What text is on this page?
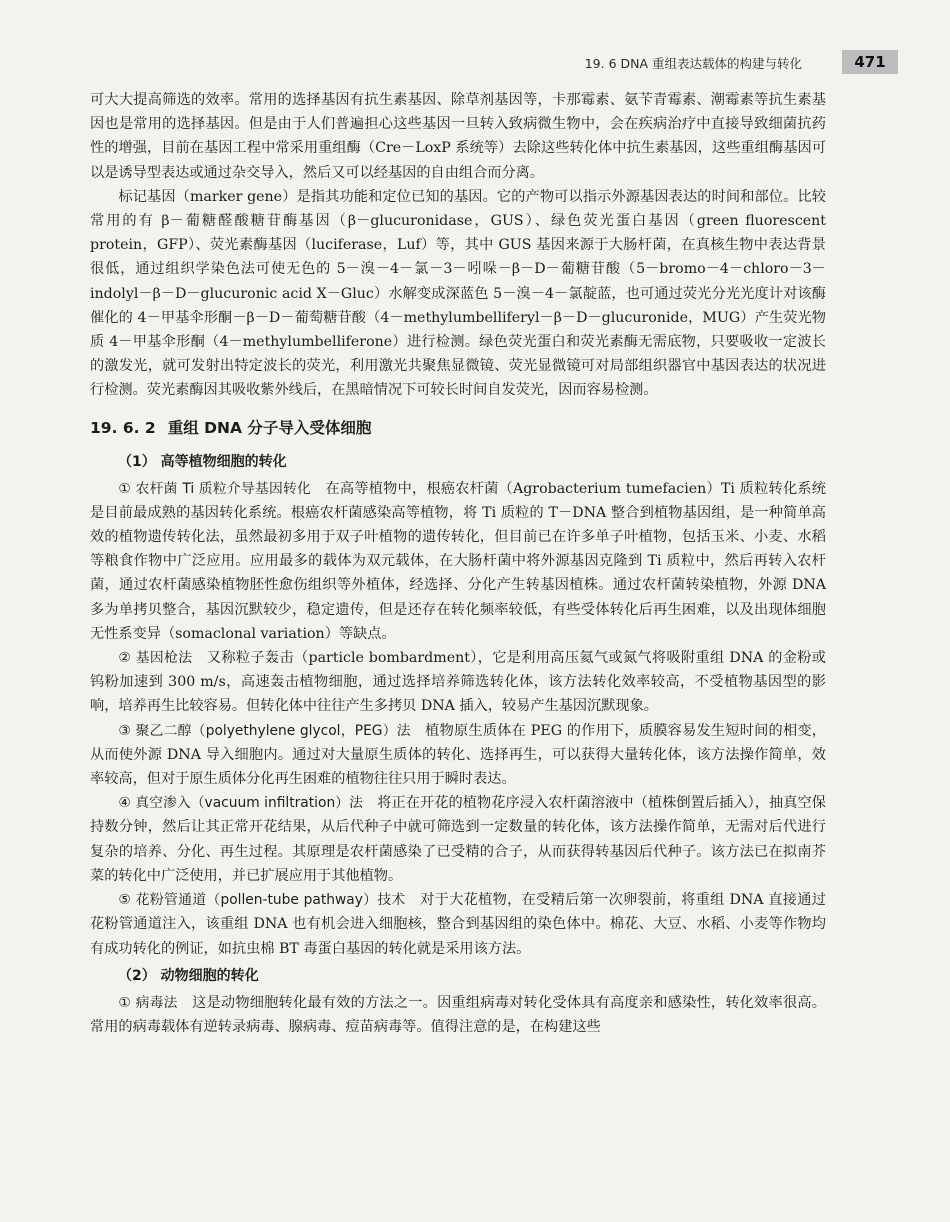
19. 6 DNA 重组表达载体的构建与转化	471

可大大提高筛选的效率。常用的选择基因有抗生素基因、除草剂基因等，卡那霉素、氨苄青霉素、潮霉素等抗生素基因也是常用的选择基因。但是由于人们普遍担心这些基因一旦转入致病微生物中，会在疾病治疗中直接导致细菌抗药性的增强，目前在基因工程中常采用重组酶（Cre－LoxP 系统等）去除这些转化体中抗生素基因，这些重组酶基因可以是诱导型表达或通过杂交导入，然后又可以经基因的自由组合而分离。

标记基因（marker gene）是指其功能和定位已知的基因。它的产物可以指示外源基因表达的时间和部位。比较常用的有 β－葡糖醛酸糖苷酶基因（β－glucuronidase，GUS）、绿色荧光蛋白基因（green fluorescent protein，GFP）、荧光素酶基因（luciferase，Luf）等，其中 GUS 基因来源于大肠杆菌，在真核生物中表达背景很低，通过组织学染色法可使无色的 5－溴－4－氯－3－吲哚－β－D－葡糖苷酸（5－bromo－4－chloro－3－indolyl－β－D－glucuronic acid X－Gluc）水解变成深蓝色 5－溴－4－氯靛蓝，也可通过荧光分光光度计对该酶催化的 4－甲基伞形酮－β－D－葡萄糖苷酸（4－methylumbelliferyl－β－D－glucuronide，MUG）产生荧光物质 4－甲基伞形酮（4－methylumbelliferone）进行检测。绿色荧光蛋白和荧光素酶无需底物，只要吸收一定波长的激发光，就可发射出特定波长的荧光，利用激光共聚焦显微镜、荧光显微镜可对局部组织器官中基因表达的状况进行检测。荧光素酶因其吸收紫外线后，在黑暗情况下可较长时间自发荧光，因而容易检测。

19. 6. 2 重组 DNA 分子导入受体细胞
（1） 高等植物细胞的转化

① 农杆菌 Ti 质粒介导基因转化　 在高等植物中，根癌农杆菌（Agrobacterium tumefacien）Ti 质粒转化系统是目前最成熟的基因转化系统。根癌农杆菌感染高等植物，将 Ti 质粒的 T－DNA 整合到植物基因组，是一种简单高效的植物遗传转化法，虽然最初多用于双子叶植物的遗传转化，但目前已在许多单子叶植物，包括玉米、小麦、水稻等粮食作物中广泛应用。应用最多的载体为双元载体，在大肠杆菌中将外源基因克隆到 Ti 质粒中，然后再转入农杆菌，通过农杆菌感染植物胚性愈伤组织等外植体，经选择、分化产生转基因植株。通过农杆菌转染植物，外源 DNA 多为单拷贝整合，基因沉默较少，稳定遗传，但是还存在转化频率较低，有些受体转化后再生困难，以及出现体细胞无性系变异（somaclonal variation）等缺点。

② 基因枪法　 又称粒子轰击（particle bombardment），它是利用高压氦气或氮气将吸附重组 DNA 的金粉或钨粉加速到 300 m/s，高速轰击植物细胞，通过选择培养筛选转化体，该方法转化效率较高，不受植物基因型的影响，培养再生比较容易。但转化体中往往产生多拷贝 DNA 插入，较易产生基因沉默现象。

③ 聚乙二醇（polyethylene glycol，PEG）法　 植物原生质体在 PEG 的作用下，质膜容易发生短时间的相变，从而使外源 DNA 导入细胞内。通过对大量原生质体的转化、选择再生，可以获得大量转化体，该方法操作简单，效率较高，但对于原生质体分化再生困难的植物往往只用于瞬时表达。

④ 真空渗入（vacuum infiltration）法　 将正在开花的植物花序浸入农杆菌溶液中（植株倒置后插入），抽真空保持数分钟，然后让其正常开花结果，从后代种子中就可筛选到一定数量的转化体，该方法操作简单，无需对后代进行复杂的培养、分化、再生过程。其原理是农杆菌感染了已受精的合子，从而获得转基因后代种子。该方法已在拟南芥菜的转化中广泛使用，并已扩展应用于其他植物。

⑤ 花粉管通道（pollen-tube pathway）技术　 对于大花植物，在受精后第一次卵裂前，将重组 DNA 直接通过花粉管通道注入，该重组 DNA 也有机会进入细胞核，整合到基因组的染色体中。棉花、大豆、水稻、小麦等作物均有成功转化的例证，如抗虫棉 BT 毒蛋白基因的转化就是采用该方法。

（2） 动物细胞的转化

① 病毒法　 这是动物细胞转化最有效的方法之一。因重组病毒对转化受体具有高度亲和感染性，转化效率很高。常用的病毒载体有逆转录病毒、腺病毒、痘苗病毒等。值得注意的是，在构建这些
